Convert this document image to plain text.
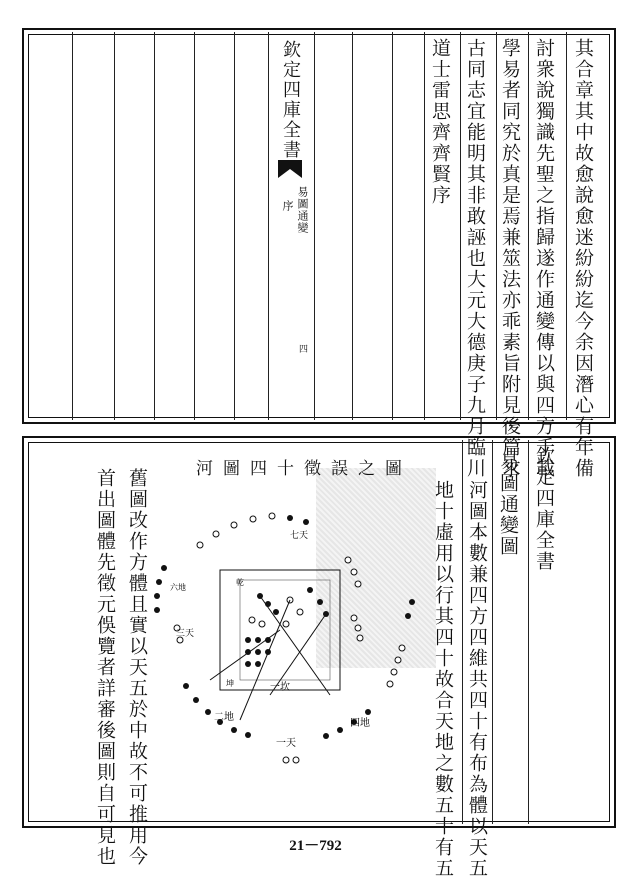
其合章其中故愈說愈迷紛紛迄今余因潛心有年備
討衆說獨識先聖之指歸遂作通變傳以與四方千載
學易者同究於真是焉兼筮法亦乖素旨附見後篇求
古同志宜能明其非敢誣也大元大德庚子九月臨川
道士雷思齊齊賢序
欽定四庫全書
易圖通變
序
四
欽定四庫全書
易圖通變圖
河圖本數兼四方四維共四十有布為體以天五
地十虛用以行其四十故合天地之數五十有五
河圖四十徵誤之圖
一坎
一天
二地
三天
四地
六地
七天
乾
坤
舊圖改作方體且實以天五於中故不可推用今
首出圖體先徵元俁覽者詳審後圖則自可見也	21－792
